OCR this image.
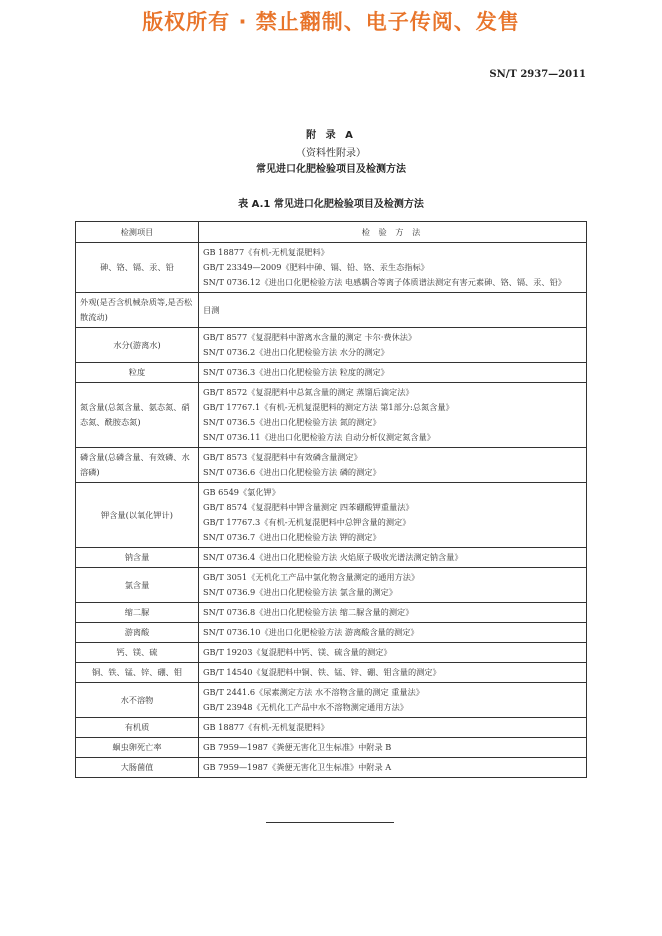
版权所有 · 禁止翻制、电子传阅、发售
SN/T 2937—2011
附 录 A
（资料性附录）
常见进口化肥检验项目及检测方法
表 A.1 常见进口化肥检验项目及检测方法
检测项目	检 验 方 法
砷、铬、镉、汞、铅	GB 18877《有机-无机复混肥料》
GB/T 23349—2009《肥料中砷、镉、铅、铬、汞生态指标》
SN/T 0736.12《进出口化肥检验方法 电感耦合等离子体质谱法测定有害元素砷、铬、镉、汞、铅》

外观(是否含机械杂质等,是否松散流动)	目测

水分(游离水)	GB/T 8577《复混肥料中游离水含量的测定 卡尔·费休法》
SN/T 0736.2《进出口化肥检验方法 水分的测定》

粒度	SN/T 0736.3《进出口化肥检验方法 粒度的测定》

氮含量(总氮含量、氨态氮、硝态氮、酰胺态氮)	GB/T 8572《复混肥料中总氮含量的测定 蒸馏后滴定法》
GB/T 17767.1《有机-无机复混肥料的测定方法 第1部分:总氮含量》
SN/T 0736.5《进出口化肥检验方法 氮的测定》
SN/T 0736.11《进出口化肥检验方法 自动分析仪测定氮含量》

磷含量(总磷含量、有效磷、水溶磷)	GB/T 8573《复混肥料中有效磷含量测定》
SN/T 0736.6《进出口化肥检验方法 磷的测定》

钾含量(以氧化钾计)	GB 6549《氯化钾》
GB/T 8574《复混肥料中钾含量测定 四苯硼酸钾重量法》
GB/T 17767.3《有机-无机复混肥料中总钾含量的测定》
SN/T 0736.7《进出口化肥检验方法 钾的测定》

钠含量	SN/T 0736.4《进出口化肥检验方法 火焰原子吸收光谱法测定钠含量》

氯含量	GB/T 3051《无机化工产品中氯化物含量测定的通用方法》
SN/T 0736.9《进出口化肥检验方法 氯含量的测定》

缩二脲	SN/T 0736.8《进出口化肥检验方法 缩二脲含量的测定》

游离酸	SN/T 0736.10《进出口化肥检验方法 游离酸含量的测定》

钙、镁、硫	GB/T 19203《复混肥料中钙、镁、硫含量的测定》

铜、铁、锰、锌、硼、钼	GB/T 14540《复混肥料中铜、铁、锰、锌、硼、钼含量的测定》

水不溶物	GB/T 2441.6《尿素测定方法 水不溶物含量的测定 重量法》
GB/T 23948《无机化工产品中水不溶物测定通用方法》

有机质	GB 18877《有机-无机复混肥料》

蛔虫卵死亡率	GB 7959—1987《粪便无害化卫生标准》中附录 B

大肠菌值	GB 7959—1987《粪便无害化卫生标准》中附录 A
